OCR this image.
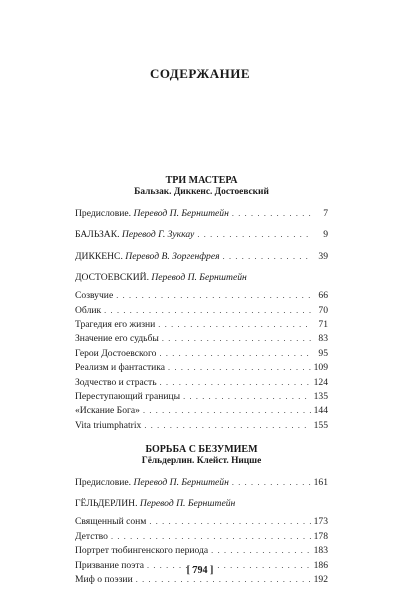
СОДЕРЖАНИЕ
ТРИ МАСТЕРА
Бальзак. Диккенс. Достоевский
Предисловие. Перевод П. Бернштейн . . .	7
БАЛЬЗАК. Перевод Г. Зуккау . . .	9
ДИККЕНС. Перевод В. Зоргенфрея . . .	39
ДОСТОЕВСКИЙ. Перевод П. Бернштейн
Созвучие . . .	66
Облик . . .	70
Трагедия его жизни . . .	71
Значение его судьбы . . .	83
Герои Достоевского . . .	95
Реализм и фантастика . . .	109
Зодчество и страсть . . .	124
Переступающий границы . . .	135
«Искание Бога» . . .	144
Vita triumphatrix . . .	155
БОРЬБА С БЕЗУМИЕМ
Гёльдерлин. Клейст. Ницше
Предисловие. Перевод П. Бернштейн . . .	161
ГЁЛЬДЕРЛИН. Перевод П. Бернштейн
Священный сонм . . .	173
Детство . . .	178
Портрет тюбингенского периода . . .	183
Призвание поэта . . .	186
Миф о поэзии . . .	192
[ 794 ]
